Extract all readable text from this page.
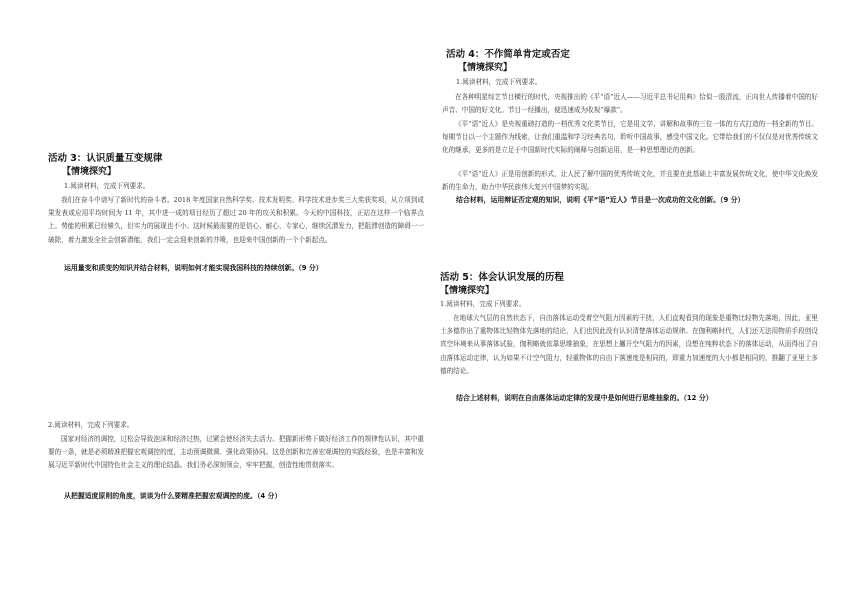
活动 3：认识质量互变规律
【情境探究】
1.阅读材料，完成下列要求。

我们在奋斗中谱写了新时代的奋斗者。2018 年度国家自然科学奖、技术发明奖、科学技术进步奖三大奖获奖项，从立项到成果发表或应用平均时间为 11 年，其中进一成的项目经历了超过 20 年的攻关和积累。今天的中国科技，正站在这样一个临界点上。势能的积累已经够久，但实力的展现也不小。这时候最需要的是信心、耐心、专家心，继续沉潜发力，把阻滞创造的障碍一一破除，着力激发全社会创新潜能，我们一定会迎来创新的井喷，也迎来中国创新的一个个新起点。

运用量变和质变的知识并结合材料，说明如何才能实现我国科技的持续创新。（9 分）
2.阅读材料，完成下列要求。

国家对经济的调控，过松会导致泡沫和经济过热，过紧会使经济失去活力。把握新形势下做好经济工作的规律性认识，其中重要的一条，就是必须精准把握宏观调控的度，主动预调微调、强化政策协同。这是创新和完善宏观调控的实践经验，也是丰富和发展习近平新时代中国特色社会主义的理论结晶。我们务必深刻领会，牢牢把握，创造性地贯彻落实。

从把握适度原则的角度，谈谈为什么要精准把握宏观调控的度。（4 分）
活动 4：不作简单肯定或否定
【情境探究】
1.阅读材料，完成下列要求。

在各种明星综艺节目横行的时代，央视推出的《平“语”近人——习近平总书记用典》恰似一股清流，正向世人传播着中国的好声音、中国的好文化。节目一经播出，便迅速成为收视“爆款”。

《平“语”近人》是央视重磅打造的一档优秀文化类节目，它是用文学、讲解和故事的三位一体的方式打造的一档全新的节目。每期节目以一个主题作为线索，让我们重温和学习经典名句，聆听中国故事，感受中国文化。它带给我们的不仅仅是对优秀传统文化的继承，更多的是立足于中国新时代实际的阐释与创新运用，是一种思想理论的创新。

《平“语”近人》正是用创新的形式，让人民了解中国的优秀传统文化，并且要在此基础上丰富发展传统文化，使中华文化焕发新的生命力，助力中华民族伟大复兴中国梦的实现。

结合材料，运用辩证否定观的知识，说明《平“语”近人》节目是一次成功的文化创新。（9 分）
活动 5：体会认识发展的历程
【情境探究】
1.阅读材料，完成下列要求。

在地球大气层的自然状态下，自由落体运动受着空气阻力因素的干扰，人们直观看到的现象是重物比轻物先落地，因此，亚里士多德作出了重物体比轻物体先落地的结论，人们也因此没有认识清楚落体运动规律。在伽利略时代，人们还无法用物质手段创设真空环境来从事落体试验，伽利略就依靠思维抽象，在思想上撇开空气阻力的因素，设想在纯粹状态下的落体运动，从而得出了自由落体运动定律，认为如果不计空气阻力，轻重物体的自由下落速度是相同的，即重力加速度的大小都是相同的，推翻了亚里士多德的结论。

结合上述材料，说明在自由落体运动定律的发现中是如何进行思维抽象的。（12 分）
